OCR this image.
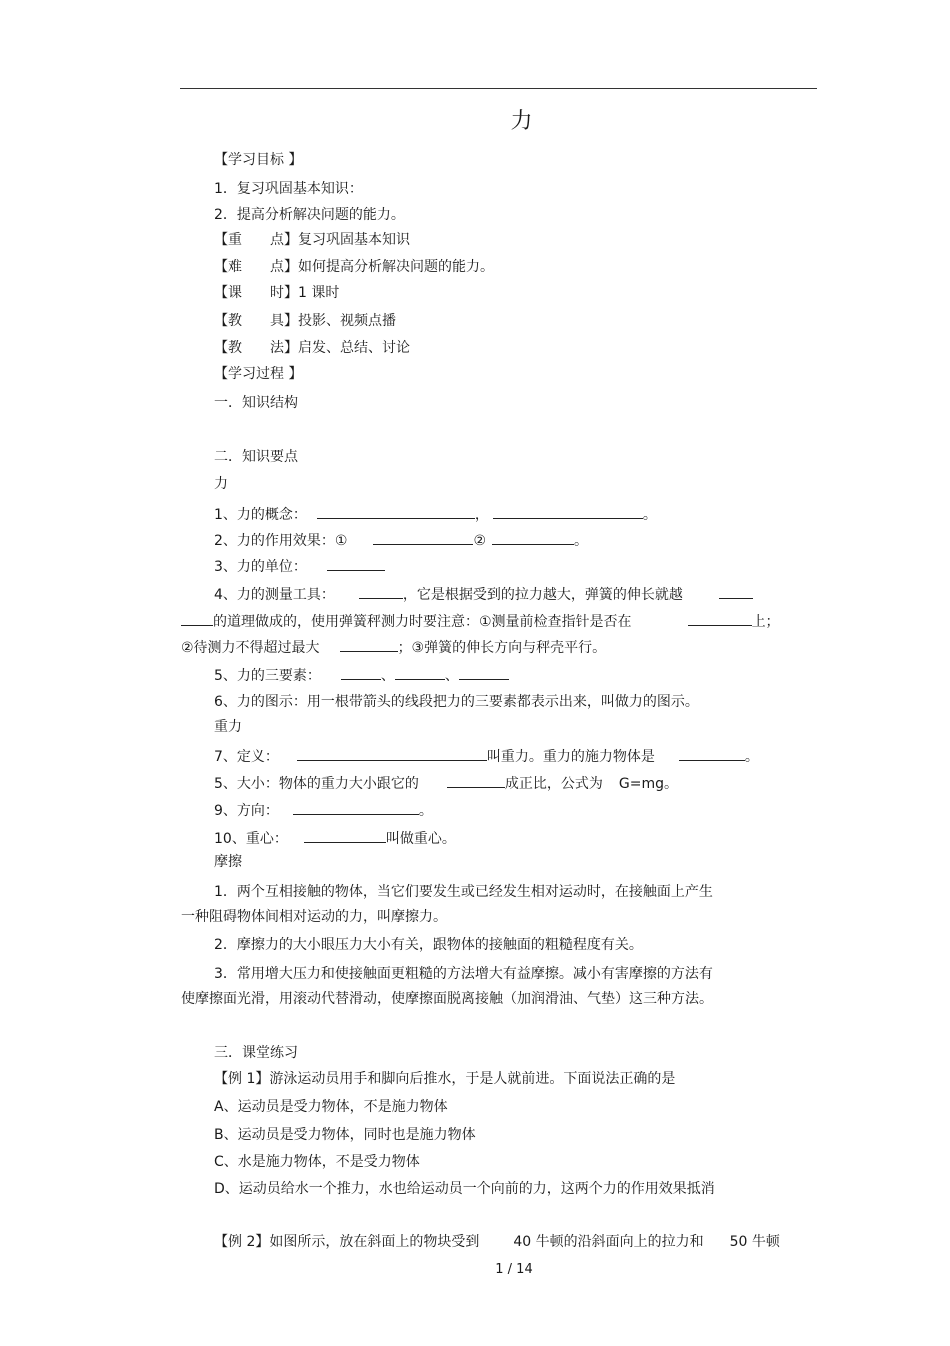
力
【学习目标 】
1．复习巩固基本知识：
2．提高分析解决问题的能力。
【重　　点】复习巩固基本知识
【难　　点】如何提高分析解决问题的能力。
【课　　时】1 课时
【教　　具】投影、视频点播
【教　　法】启发、总结、讨论
【学习过程 】
一．知识结构
二．知识要点
力
1、力的概念：	，	。
2、力的作用效果：①	②	。
3、力的单位：
4、力的测量工具：	，它是根据受到的拉力越大，弹簧的伸长就越
的道理做成的，使用弹簧秤测力时要注意：①测量前检查指针是否在	上；
②待测力不得超过最大	；③弹簧的伸长方向与秤壳平行。
5、力的三要素：	、	、
6、力的图示：用一根带箭头的线段把力的三要素都表示出来，叫做力的图示。
重力
7、定义：	叫重力。重力的施力物体是	。
5、大小：物体的重力大小跟它的	成正比，公式为 G=mg。
9、方向：	。
10、重心：	叫做重心。
摩擦
1．两个互相接触的物体，当它们要发生或已经发生相对运动时，在接触面上产生
一种阻碍物体间相对运动的力，叫摩擦力。
2．摩擦力的大小眼压力大小有关，跟物体的接触面的粗糙程度有关。
3．常用增大压力和使接触面更粗糙的方法增大有益摩擦。减小有害摩擦的方法有
使摩擦面光滑，用滚动代替滑动，使摩擦面脱离接触（加润滑油、气垫）这三种方法。
三．课堂练习
【例 1】游泳运动员用手和脚向后推水，于是人就前进。下面说法正确的是
A、运动员是受力物体，不是施力物体
B、运动员是受力物体，同时也是施力物体
C、水是施力物体，不是受力物体
D、运动员给水一个推力，水也给运动员一个向前的力，这两个力的作用效果抵消
【例 2】如图所示，放在斜面上的物块受到 40 牛顿的沿斜面向上的拉力和 50 牛顿
1 / 14
